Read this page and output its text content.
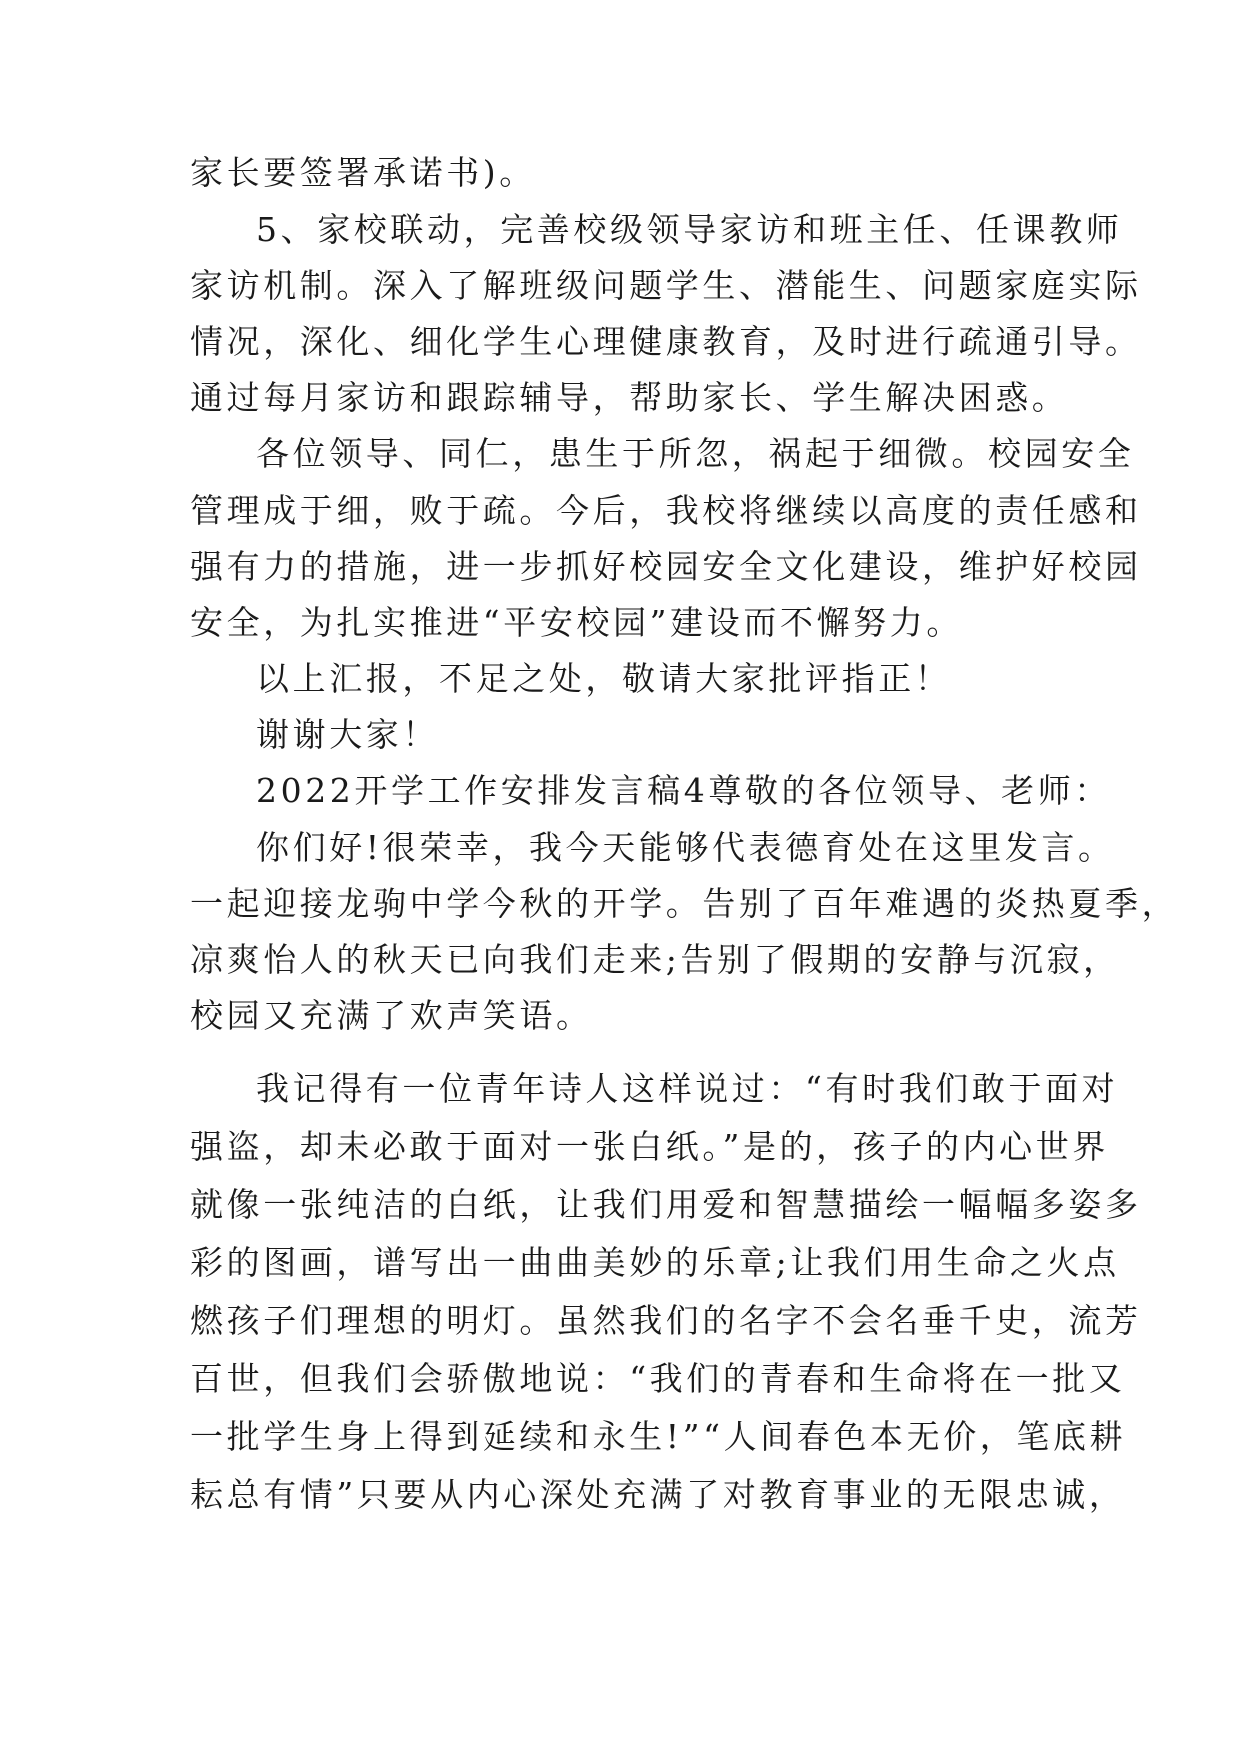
家长要签署承诺书)。

5、家校联动，完善校级领导家访和班主任、任课教师

家访机制。深入了解班级问题学生、潜能生、问题家庭实际

情况，深化、细化学生心理健康教育，及时进行疏通引导。

通过每月家访和跟踪辅导，帮助家长、学生解决困惑。

各位领导、同仁，患生于所忽，祸起于细微。校园安全

管理成于细，败于疏。今后，我校将继续以高度的责任感和

强有力的措施，进一步抓好校园安全文化建设，维护好校园

安全，为扎实推进“平安校园”建设而不懈努力。

以上汇报，不足之处，敬请大家批评指正！

谢谢大家！

2022开学工作安排发言稿4尊敬的各位领导、老师：

你们好!很荣幸，我今天能够代表德育处在这里发言。

一起迎接龙驹中学今秋的开学。告别了百年难遇的炎热夏季，

凉爽怡人的秋天已向我们走来;告别了假期的安静与沉寂，

校园又充满了欢声笑语。

我记得有一位青年诗人这样说过：“有时我们敢于面对

强盗，却未必敢于面对一张白纸。”是的，孩子的内心世界

就像一张纯洁的白纸，让我们用爱和智慧描绘一幅幅多姿多

彩的图画，谱写出一曲曲美妙的乐章;让我们用生命之火点

燃孩子们理想的明灯。虽然我们的名字不会名垂千史，流芳

百世，但我们会骄傲地说：“我们的青春和生命将在一批又

一批学生身上得到延续和永生!”“人间春色本无价，笔底耕

耘总有情”只要从内心深处充满了对教育事业的无限忠诚，
